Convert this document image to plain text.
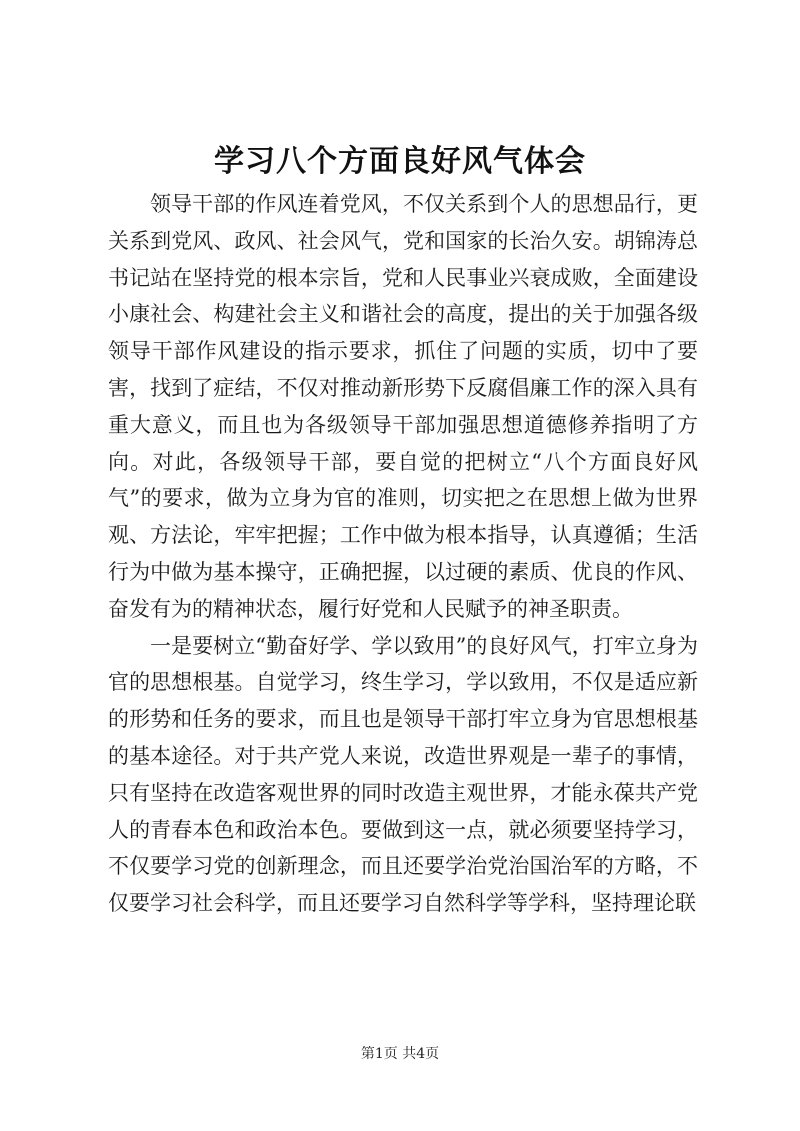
学习八个方面良好风气体会

领导干部的作风连着党风，不仅关系到个人的思想品行，更关系到党风、政风、社会风气，党和国家的长治久安。胡锦涛总书记站在坚持党的根本宗旨，党和人民事业兴衰成败，全面建设小康社会、构建社会主义和谐社会的高度，提出的关于加强各级领导干部作风建设的指示要求，抓住了问题的实质，切中了要害，找到了症结，不仅对推动新形势下反腐倡廉工作的深入具有重大意义，而且也为各级领导干部加强思想道德修养指明了方向。对此，各级领导干部，要自觉的把树立“八个方面良好风气”的要求，做为立身为官的准则，切实把之在思想上做为世界观、方法论，牢牢把握；工作中做为根本指导，认真遵循；生活行为中做为基本操守，正确把握，以过硬的素质、优良的作风、奋发有为的精神状态，履行好党和人民赋予的神圣职责。

一是要树立“勤奋好学、学以致用”的良好风气，打牢立身为官的思想根基。自觉学习，终生学习，学以致用，不仅是适应新的形势和任务的要求，而且也是领导干部打牢立身为官思想根基的基本途径。对于共产党人来说，改造世界观是一辈子的事情，只有坚持在改造客观世界的同时改造主观世界，才能永葆共产党人的青春本色和政治本色。要做到这一点，就必须要坚持学习，不仅要学习党的创新理念，而且还要学治党治国治军的方略，不仅要学习社会科学，而且还要学习自然科学等学科，坚持理论联

第1页 共4页
